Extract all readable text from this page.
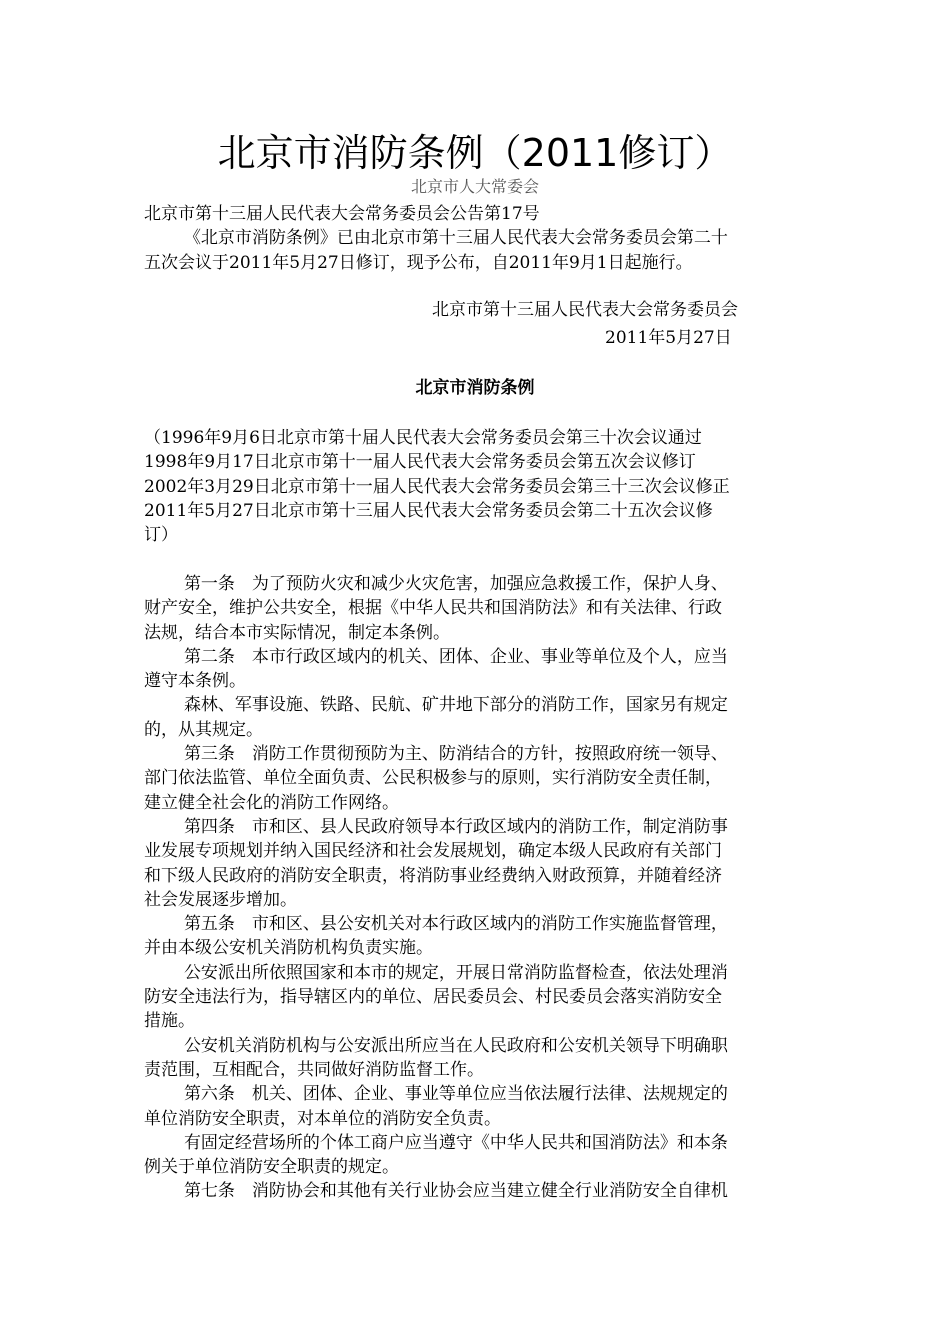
北京市消防条例（2011修订）
北京市人大常委会
北京市第十三届人民代表大会常务委员会公告第17号
《北京市消防条例》已由北京市第十三届人民代表大会常务委员会第二十
五次会议于2011年5月27日修订，现予公布，自2011年9月1日起施行。
北京市第十三届人民代表大会常务委员会
2011年5月27日
北京市消防条例
（1996年9月6日北京市第十届人民代表大会常务委员会第三十次会议通过
1998年9月17日北京市第十一届人民代表大会常务委员会第五次会议修订
2002年3月29日北京市第十一届人民代表大会常务委员会第三十三次会议修正
2011年5月27日北京市第十三届人民代表大会常务委员会第二十五次会议修
订）
第一条　为了预防火灾和减少火灾危害，加强应急救援工作，保护人身、
财产安全，维护公共安全，根据《中华人民共和国消防法》和有关法律、行政
法规，结合本市实际情况，制定本条例。
第二条　本市行政区域内的机关、团体、企业、事业等单位及个人，应当
遵守本条例。
森林、军事设施、铁路、民航、矿井地下部分的消防工作，国家另有规定
的，从其规定。
第三条　消防工作贯彻预防为主、防消结合的方针，按照政府统一领导、
部门依法监管、单位全面负责、公民积极参与的原则，实行消防安全责任制，
建立健全社会化的消防工作网络。
第四条　市和区、县人民政府领导本行政区域内的消防工作，制定消防事
业发展专项规划并纳入国民经济和社会发展规划，确定本级人民政府有关部门
和下级人民政府的消防安全职责，将消防事业经费纳入财政预算，并随着经济
社会发展逐步增加。
第五条　市和区、县公安机关对本行政区域内的消防工作实施监督管理，
并由本级公安机关消防机构负责实施。
公安派出所依照国家和本市的规定，开展日常消防监督检查，依法处理消
防安全违法行为，指导辖区内的单位、居民委员会、村民委员会落实消防安全
措施。
公安机关消防机构与公安派出所应当在人民政府和公安机关领导下明确职
责范围，互相配合，共同做好消防监督工作。
第六条　机关、团体、企业、事业等单位应当依法履行法律、法规规定的
单位消防安全职责，对本单位的消防安全负责。
有固定经营场所的个体工商户应当遵守《中华人民共和国消防法》和本条
例关于单位消防安全职责的规定。
第七条　消防协会和其他有关行业协会应当建立健全行业消防安全自律机
